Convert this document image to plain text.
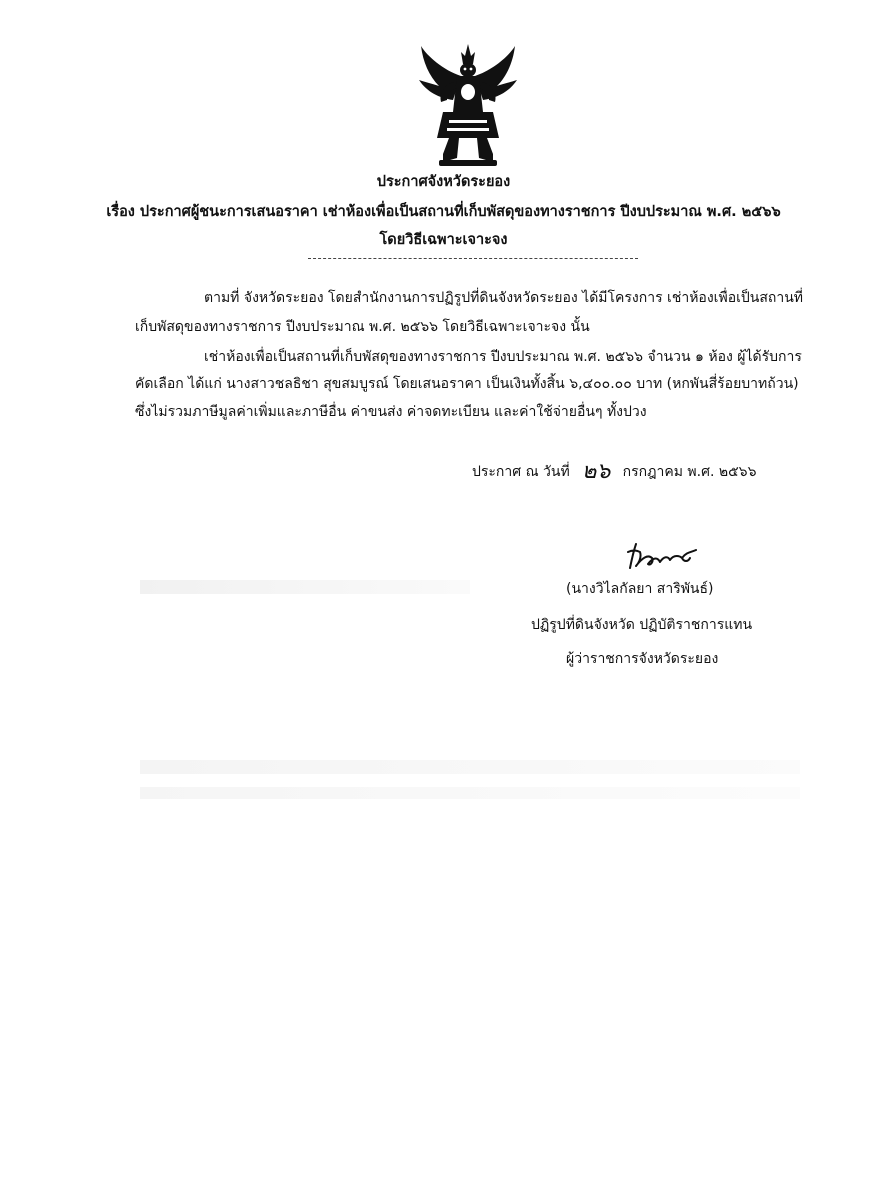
ประกาศจังหวัดระยอง
เรื่อง ประกาศผู้ชนะการเสนอราคา เช่าห้องเพื่อเป็นสถานที่เก็บพัสดุของทางราชการ ปีงบประมาณ พ.ศ. ๒๕๖๖
โดยวิธีเฉพาะเจาะจง
ตามที่ จังหวัดระยอง โดยสำนักงานการปฏิรูปที่ดินจังหวัดระยอง ได้มีโครงการ เช่าห้องเพื่อเป็นสถานที่
เก็บพัสดุของทางราชการ ปีงบประมาณ พ.ศ. ๒๕๖๖ โดยวิธีเฉพาะเจาะจง นั้น
เช่าห้องเพื่อเป็นสถานที่เก็บพัสดุของทางราชการ ปีงบประมาณ พ.ศ. ๒๕๖๖ จำนวน ๑ ห้อง ผู้ได้รับการ
คัดเลือก ได้แก่ นางสาวชลธิชา สุขสมบูรณ์ โดยเสนอราคา เป็นเงินทั้งสิ้น ๖,๔๐๐.๐๐ บาท (หกพันสี่ร้อยบาทถ้วน)
ซึ่งไม่รวมภาษีมูลค่าเพิ่มและภาษีอื่น ค่าขนส่ง ค่าจดทะเบียน และค่าใช้จ่ายอื่นๆ ทั้งปวง
ประกาศ ณ วันที่ ๒๖ กรกฎาคม พ.ศ. ๒๕๖๖
(นางวิไลกัลยา สาริพันธ์)
ปฏิรูปที่ดินจังหวัด ปฏิบัติราชการแทน
ผู้ว่าราชการจังหวัดระยอง
